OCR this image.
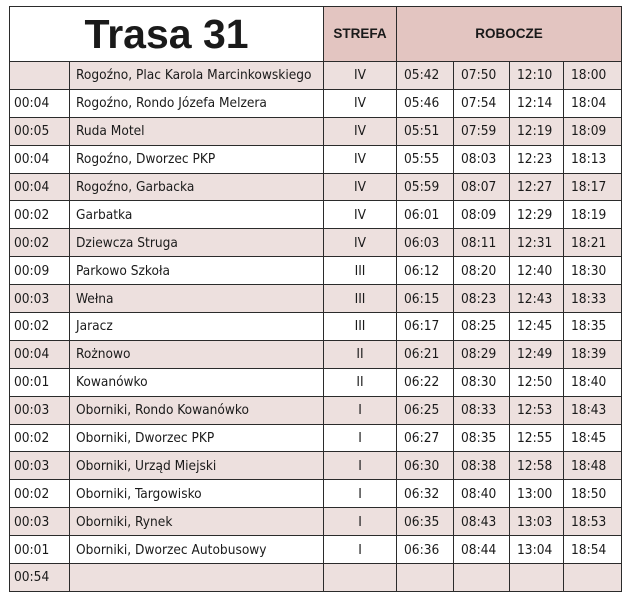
Trasa 31		STREFA	ROBOCZE			
	Rogoźno, Plac Karola Marcinkowskiego	IV	05:42	07:50	12:10	18:00
00:04	Rogoźno, Rondo Józefa Melzera	IV	05:46	07:54	12:14	18:04
00:05	Ruda Motel	IV	05:51	07:59	12:19	18:09
00:04	Rogoźno, Dworzec PKP	IV	05:55	08:03	12:23	18:13
00:04	Rogoźno, Garbacka	IV	05:59	08:07	12:27	18:17
00:02	Garbatka	IV	06:01	08:09	12:29	18:19
00:02	Dziewcza Struga	IV	06:03	08:11	12:31	18:21
00:09	Parkowo Szkoła	III	06:12	08:20	12:40	18:30
00:03	Wełna	III	06:15	08:23	12:43	18:33
00:02	Jaracz	III	06:17	08:25	12:45	18:35
00:04	Rożnowo	II	06:21	08:29	12:49	18:39
00:01	Kowanówko	II	06:22	08:30	12:50	18:40
00:03	Oborniki, Rondo Kowanówko	I	06:25	08:33	12:53	18:43
00:02	Oborniki, Dworzec PKP	I	06:27	08:35	12:55	18:45
00:03	Oborniki, Urząd Miejski	I	06:30	08:38	12:58	18:48
00:02	Oborniki, Targowisko	I	06:32	08:40	13:00	18:50
00:03	Oborniki, Rynek	I	06:35	08:43	13:03	18:53
00:01	Oborniki, Dworzec Autobusowy	I	06:36	08:44	13:04	18:54
00:54						
